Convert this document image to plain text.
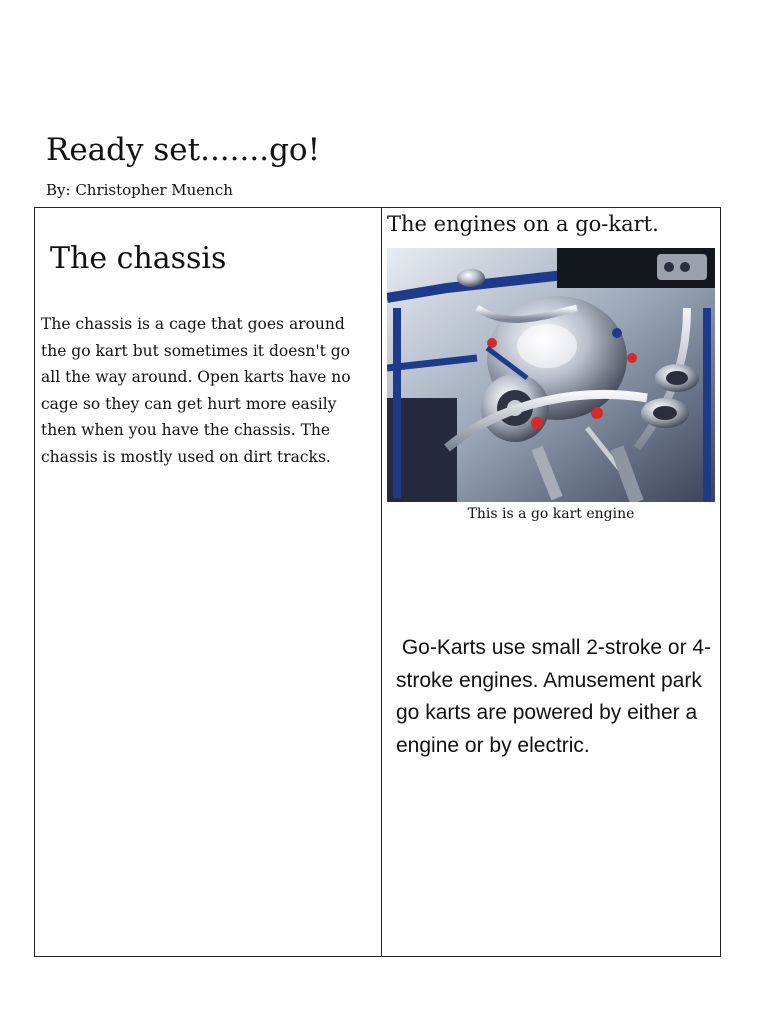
Ready set.......go!

By: Christopher Muench

The chassis

The chassis is a cage that goes around the go kart but sometimes it doesn't go all the way around. Open karts have no cage so they can get hurt more easily then when you have the chassis. The chassis is mostly used on dirt tracks.

The engines on a go-kart.

This is a go kart engine

Go-Karts use small 2-stroke or 4-stroke engines. Amusement park go karts are powered by either a engine or by electric.
